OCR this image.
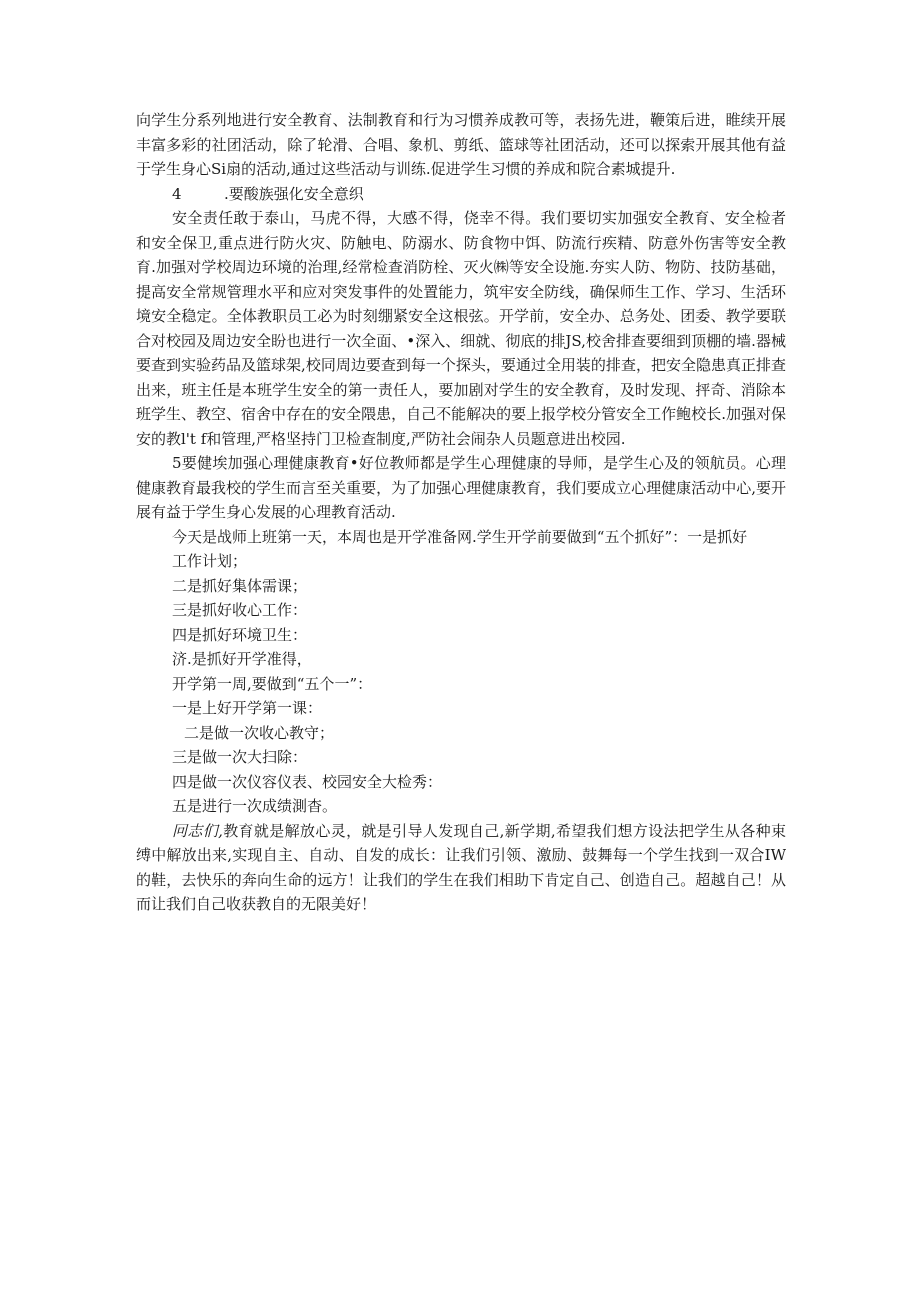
向学生分系列地进行安全教育、法制教育和行为习惯养成教可等，表扬先进，鞭策后进，睢续开展丰富多彩的社团活动，除了轮滑、合唱、象机、剪纸、篮球等社团活动，还可以探索开展其他有益于学生身心Si扇的活动,通过这些活动与训练.促进学生习惯的养成和院合素城提升.

4	.要酸族强化安全意织

安全责任敢于泰山，马虎不得，大感不得，侥幸不得。我们要切实加强安全教育、安全检者和安全保卫,重点进行防火灾、防触电、防溺水、防食物中饵、防流行疾精、防意外伤害等安全教育.加强对学校周边环境的治理,经常检查消防栓、灭火㈱等安全设施.夯实人防、物防、技防基础，提高安全常规管理水平和应对突发事件的处置能力，筑牢安全防线，确保师生工作、学习、生活环境安全稳定。全体教职员工必为时刻绷紧安全这根弦。开学前，安全办、总务处、团委、教学要联合对校园及周边安全盼也进行一次全面、•深入、细就、彻底的排JS,校舍排查要细到顶棚的墙.器械要查到实验药品及篮球架,校同周边要查到每一个探头，要通过全用装的排查，把安全隐患真正排查出来，班主任是本班学生安全的第一责任人，要加剧对学生的安全教育，及时发现、抨奇、消除本班学生、教空、宿舍中存在的安全隈患，自己不能解决的要上报学校分管安全工作鲍校长.加强对保安的教l't f和管理,严格坚持门卫检查制度,严防社会闹杂人员题意进出校园.

5要健埃加强心理健康教育•好位教师都是学生心理健康的导师，是学生心及的领航员。心理健康教育最我校的学生而言至关重要，为了加强心理健康教育，我们要成立心理健康活动中心,要开展有益于学生身心发展的心理教育活动.

今天是战师上班第一天，本周也是开学准备网.学生开学前要做到“五个抓好”：一是抓好

工作计划；

二是抓好集体需课；

三是抓好收心工作：

四是抓好环境卫生：

济.是抓好开学准得，

开学第一周,要做到“五个一”：

一是上好开学第一课：

二是做一次收心教守；

三是做一次大扫除：

四是做一次仪容仪表、校园安全大检秀：

五是进行一次成绩測杳。

冋志们,教育就是解放心灵，就是引导人发现自己,新学期,希望我们想方设法把学生从各种束缚中解放出来,实现自主、自动、自发的成长：让我们引领、激励、鼓舞每一个学生找到一双合IW的鞋，去快乐的奔向生命的远方！让我们的学生在我们相助下肯定自己、创造自己。超越自己！从而让我们自己收获教自的无限美好！
